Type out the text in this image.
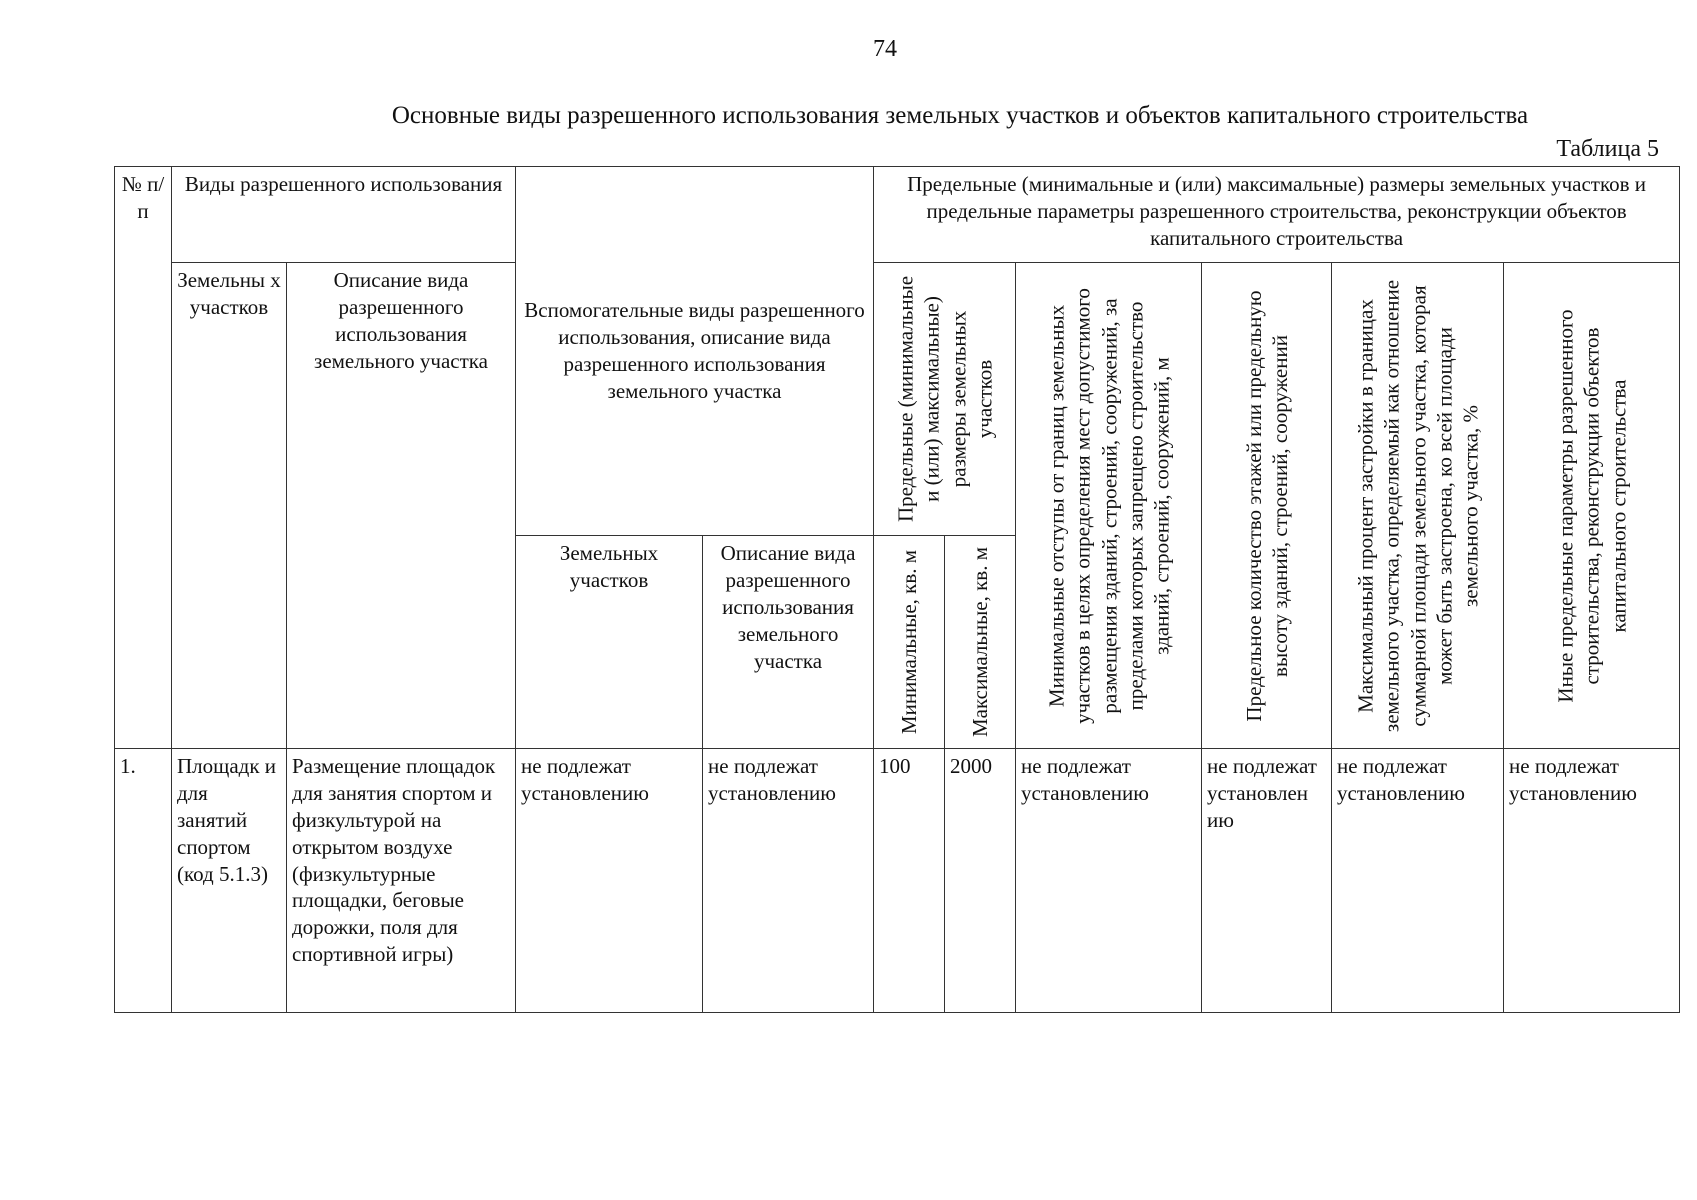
74
Основные виды разрешенного использования земельных участков и объектов капитального строительства
Таблица 5
№ п/п	Виды разрешенного использования		Вспомогательные виды разрешенного использования, описание вида разрешенного использования земельного участка		Предельные (минимальные и (или) максимальные) размеры земельных участков и предельные параметры разрешенного строительства, реконструкции объектов капитального строительства					
	Земельны х участков	Описание вида разрешенного использования земельного участка			Предельные (минимальные и (или) максимальные) размеры земельных участков		Минимальные отступы от границ земельных участков в целях определения мест допустимого размещения зданий, строений, сооружений, за пределами которых запрещено строительство зданий, строений, сооружений, м	Предельное количество этажей или предельную высоту зданий, строений, сооружений	Максимальный процент застройки в границах земельного участка, определяемый как отношение суммарной площади земельного участка, которая может быть застроена, ко всей площади земельного участка, %	Иные предельные параметры разрешенного строительства, реконструкции объектов капитального строительства

			Земельных участков	Описание вида разрешенного использования земельного участка	Минимальные, кв. м	Максимальные, кв. м				

1.	Площадк и для занятий спортом (код 5.1.3)	Размещение площадок для занятия спортом и физкультурой на открытом воздухе (физкультурные площадки, беговые дорожки, поля для спортивной игры)	не подлежат установлению	не подлежат установлению	100	2000	не подлежат установлению	не подлежат установлен ию	не подлежат установлению	не подлежат установлению
